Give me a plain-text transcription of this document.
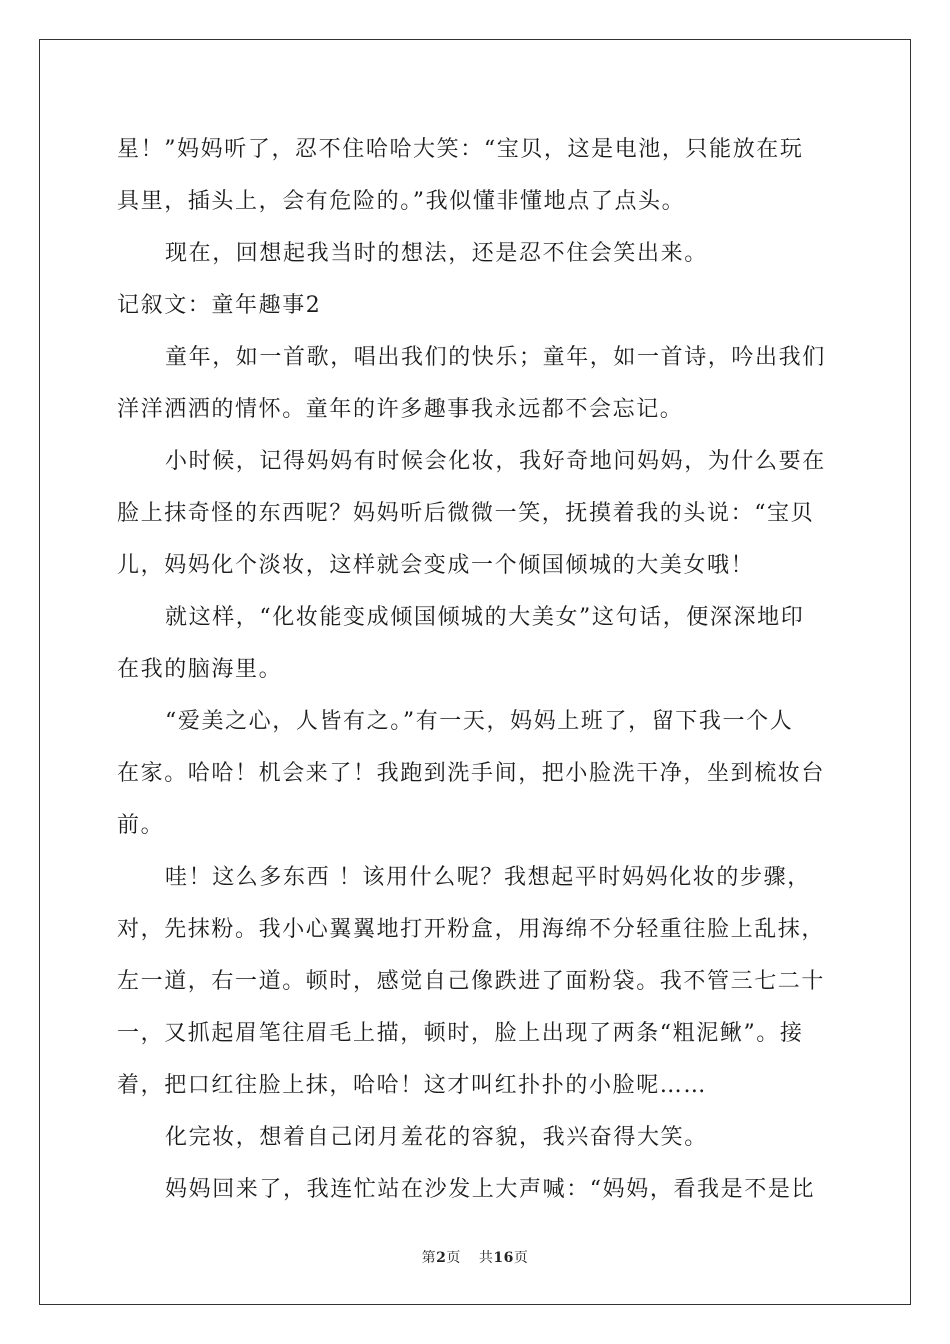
星！”妈妈听了，忍不住哈哈大笑：“宝贝，这是电池，只能放在玩
具里，插头上，会有危险的。”我似懂非懂地点了点头。
现在，回想起我当时的想法，还是忍不住会笑出来。
记叙文：童年趣事2
童年，如一首歌，唱出我们的快乐；童年，如一首诗，吟出我们
洋洋洒洒的情怀。童年的许多趣事我永远都不会忘记。
小时候，记得妈妈有时候会化妆，我好奇地问妈妈，为什么要在
脸上抹奇怪的东西呢？妈妈听后微微一笑，抚摸着我的头说：“宝贝
儿，妈妈化个淡妆，这样就会变成一个倾国倾城的大美女哦！
就这样，“化妆能变成倾国倾城的大美女”这句话，便深深地印
在我的脑海里。
“爱美之心，人皆有之。”有一天，妈妈上班了，留下我一个人
在家。哈哈！机会来了！我跑到洗手间，把小脸洗干净，坐到梳妆台
前。
哇！这么多东西 ！该用什么呢？我想起平时妈妈化妆的步骤，
对，先抹粉。我小心翼翼地打开粉盒，用海绵不分轻重往脸上乱抹，
左一道，右一道。顿时，感觉自己像跌进了面粉袋。我不管三七二十
一，又抓起眉笔往眉毛上描，顿时，脸上出现了两条“粗泥鳅”。接
着，把口红往脸上抹，哈哈！这才叫红扑扑的小脸呢……
化完妆，想着自己闭月羞花的容貌，我兴奋得大笑。
妈妈回来了，我连忙站在沙发上大声喊：“妈妈，看我是不是比
第2页 共16页
